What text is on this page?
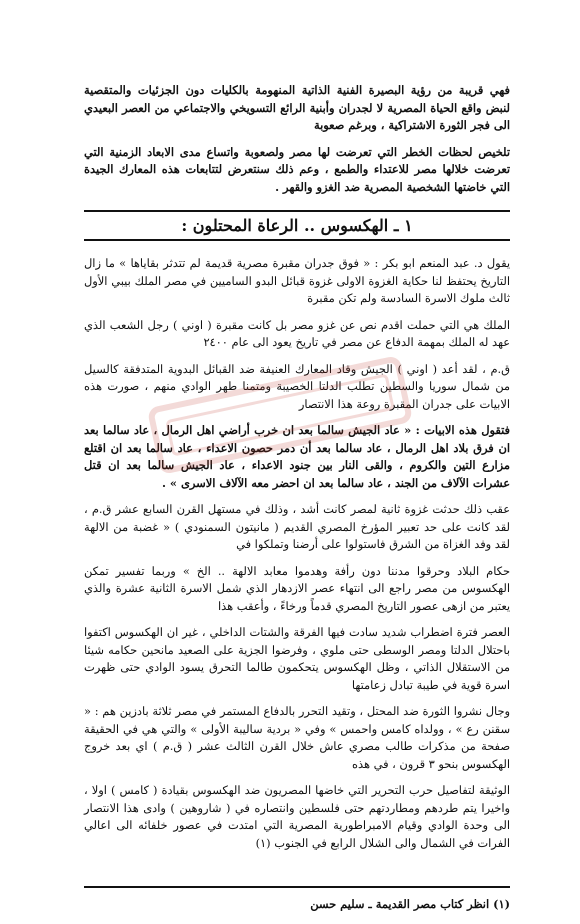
فهي قريبة من رؤية البصيرة الفنية الذاتية المنهومة بالكليات دون الجزئيات والمتقصية لنبض واقع الحياة المصرية لا لجدران وأبنية الرائع التسويخي والاجتماعي من العصر البعيدي الى فجر الثورة الاشتراكية ، وبرغم صعوبة

تلخيص لحظات الخطر التي تعرضت لها مصر ولصعوبة واتساع مدى الابعاد الزمنية التي تعرضت خلالها مصر للاعتداء والطمع ، وعم ذلك سنتعرض لتتابعات هذه المعارك الجيدة التي خاضتها الشخصية المصرية ضد الغزو والقهر .

١ ـ الهكسوس .. الرعاة المحتلون :

يقول د. عبد المنعم ابو بكر : « فوق جدران مقبرة مصرية قديمة لم تتدثر بقاياها » ما زال التاريخ يحتفظ لنا حكاية الغزوة الاولى غزوة قبائل البدو الساميين في مصر الملك بيبي الأول ثالث ملوك الاسرة السادسة ولم تكن مقبرة

الملك هي التي حملت اقدم نص عن غزو مصر بل كانت مقبرة ( اوني ) رجل الشعب الذي عهد له الملك بمهمة الدفاع عن مصر في تاريخ يعود الى عام ٢٤٠٠

ق.م ، لقد أعد ( اوني ) الجيش وقاد المعارك العنيفة ضد القبائل البدوية المتدفقة كالسيل من شمال سوريا والسطين تطلب الدلتا الخصيبة ومتمنا طهر الوادي منهم ، صورت هذه الابيات على جدران المقبرة روعة هذا الانتصار

فتقول هذه الابيات : « عاد الجيش سالما بعد ان خرب أراضي اهل الرمال ، عاد سالما بعد ان فرق بلاد اهل الرمال ، عاد سالما بعد أن دمر حصون الاعداء ، عاد سالما بعد ان اقتلع مزارع التين والكروم ، والقى النار بين جنود الاعداء ، عاد الجيش سالما بعد ان قتل عشرات الآلاف من الجند ، عاد سالما بعد ان احضر معه الآلاف الاسرى » .

عقب ذلك حدثت غزوة ثانية لمصر كانت أشد ، وذلك في مستهل القرن السابع عشر ق.م ، لقد كانت على حد تعبير المؤرخ المصري القديم ( مانيتون السمنودي ) « غضبة من الالهة لقد وفد الغزاة من الشرق فاستولوا على أرضنا وتملكوا في

حكام البلاد وحرقوا مدننا دون رأفة وهدموا معابد الالهة .. الخ » وربما تفسير تمكن الهكسوس من مصر راجع الى انتهاء عصر الازدهار الذي شمل الاسرة الثانية عشرة والذي يعتبر من ازهى عصور التاريخ المصري قدماً ورخاءً ، وأعقب هذا

العصر فترة اضطراب شديد سادت فيها الفرقة والشتات الداخلي ، غير ان الهكسوس اكتفوا باحتلال الدلتا ومصر الوسطى حتى ملوي ، وفرضوا الجزية على الصعيد مانحين حكامه شيئا من الاستقلال الذاتي ، وظل الهكسوس يتحكمون طالما التحرق يسود الوادي حتى ظهرت اسرة قوية في طيبة تبادل زعامتها

وجال نشروا الثورة ضد المحتل ، وتقيد التحرر بالدفاع المستمر في مصر ثلاثة بادزين هم : « سقنن رع » ، وولداه كامس واحمس » وفي « بردية ساليبة الأولى » والتي هي في الحقيقة صفحة من مذكرات طالب مصري عاش خلال القرن الثالث عشر ( ق.م ) اي بعد خروج الهكسوس بنحو ٣ قرون ، في هذه

الوثيقة لتفاصيل حرب التحرير التي خاضها المصريون ضد الهكسوس بقيادة ( كامس ) اولا ، واخيرا يتم طردهم ومطاردتهم حتى فلسطين وانتصاره في ( شاروهين ) وادى هذا الانتصار الى وحدة الوادي وقيام الامبراطورية المصرية التي امتدت في عصور خلفائه الى اعالي الفرات في الشمال والى الشلال الرابع في الجنوب (١)

(١) انظر كتاب مصر القديمة ـ سليم حسن
